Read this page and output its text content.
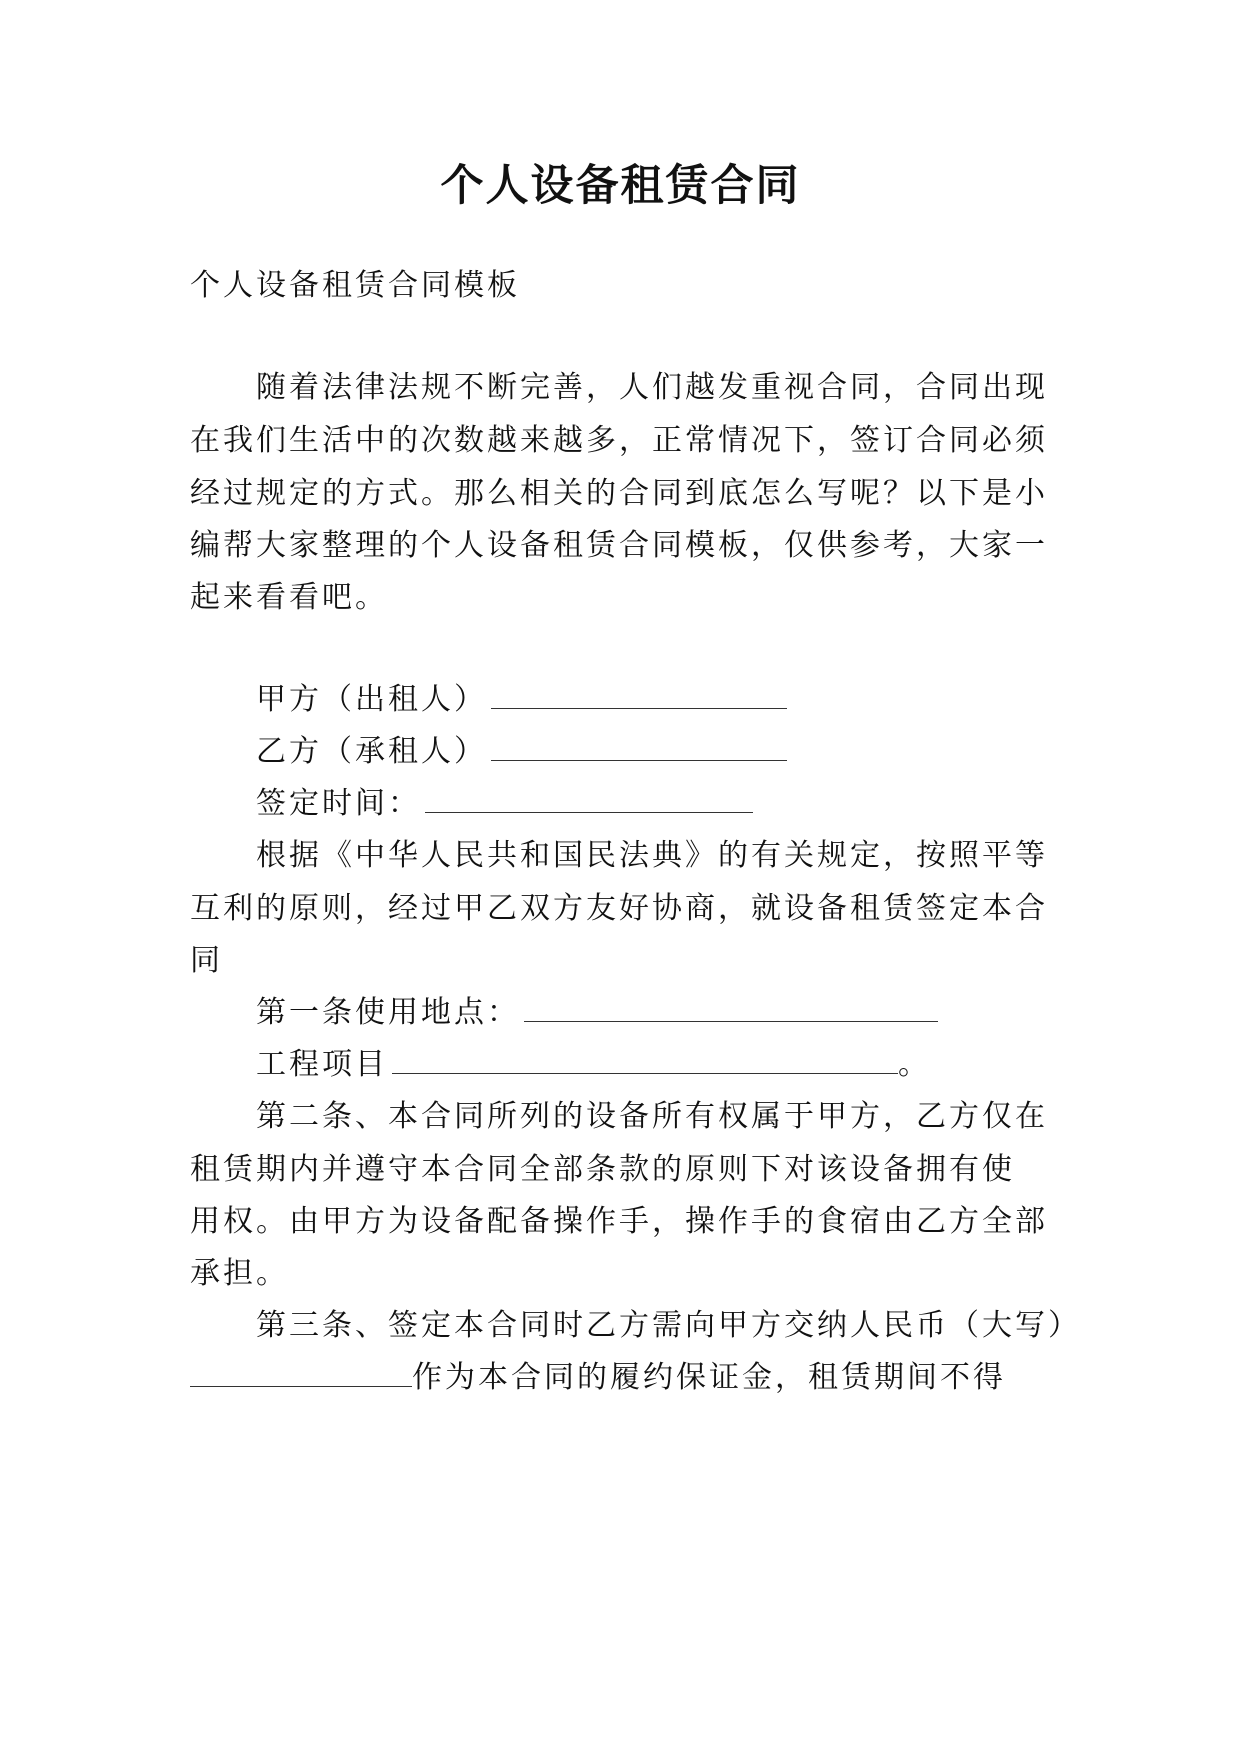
个人设备租赁合同
个人设备租赁合同模板
随着法律法规不断完善，人们越发重视合同，合同出现
在我们生活中的次数越来越多，正常情况下，签订合同必须
经过规定的方式。那么相关的合同到底怎么写呢？以下是小
编帮大家整理的个人设备租赁合同模板，仅供参考，大家一
起来看看吧。
甲方（出租人）
乙方（承租人）
签定时间：
根据《中华人民共和国民法典》的有关规定，按照平等
互利的原则，经过甲乙双方友好协商，就设备租赁签定本合
同
第一条使用地点：
工程项目	。
第二条、本合同所列的设备所有权属于甲方，乙方仅在
租赁期内并遵守本合同全部条款的原则下对该设备拥有使
用权。由甲方为设备配备操作手，操作手的食宿由乙方全部
承担。
第三条、签定本合同时乙方需向甲方交纳人民币（大写）
作为本合同的履约保证金，租赁期间不得
